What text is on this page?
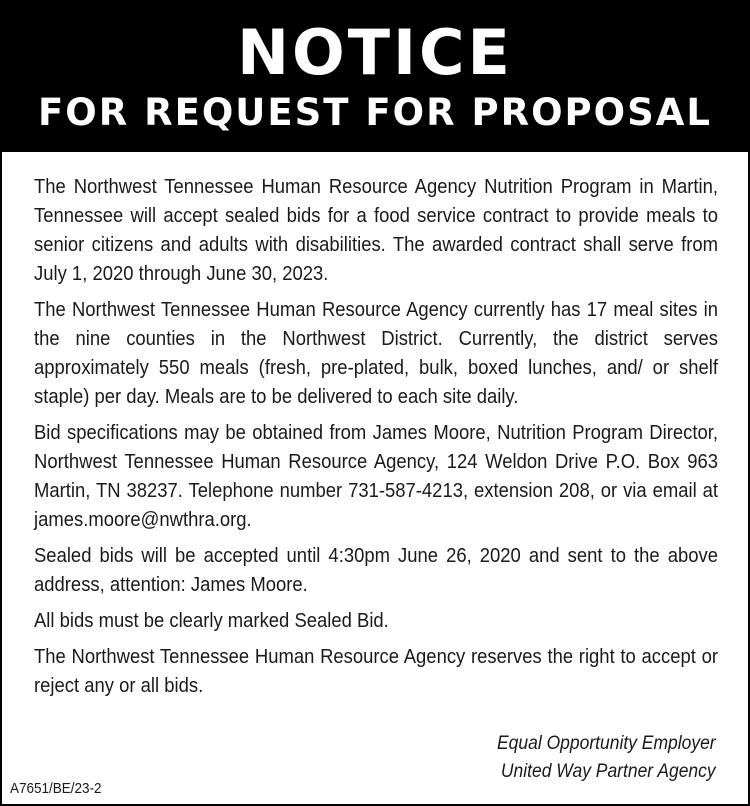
NOTICE
FOR REQUEST FOR PROPOSAL

The Northwest Tennessee Human Resource Agency Nutrition Program in Martin, Tennessee will accept sealed bids for a food service contract to provide meals to senior citizens and adults with disabilities. The awarded contract shall serve from July 1, 2020 through June 30, 2023.

The Northwest Tennessee Human Resource Agency currently has 17 meal sites in the nine counties in the Northwest District. Currently, the district serves approximately 550 meals (fresh, pre-plated, bulk, boxed lunches, and/ or shelf staple) per day. Meals are to be delivered to each site daily.

Bid specifications may be obtained from James Moore, Nutrition Program Director, Northwest Tennessee Human Resource Agency, 124 Weldon Drive P.O. Box 963 Martin, TN 38237. Telephone number 731-587-4213, extension 208, or via email at james.moore@nwthra.org.

Sealed bids will be accepted until 4:30pm June 26, 2020 and sent to the above address, attention: James Moore.

All bids must be clearly marked Sealed Bid.

The Northwest Tennessee Human Resource Agency reserves the right to accept or reject any or all bids.

Equal Opportunity Employer
United Way Partner Agency
A7651/BE/23-2
